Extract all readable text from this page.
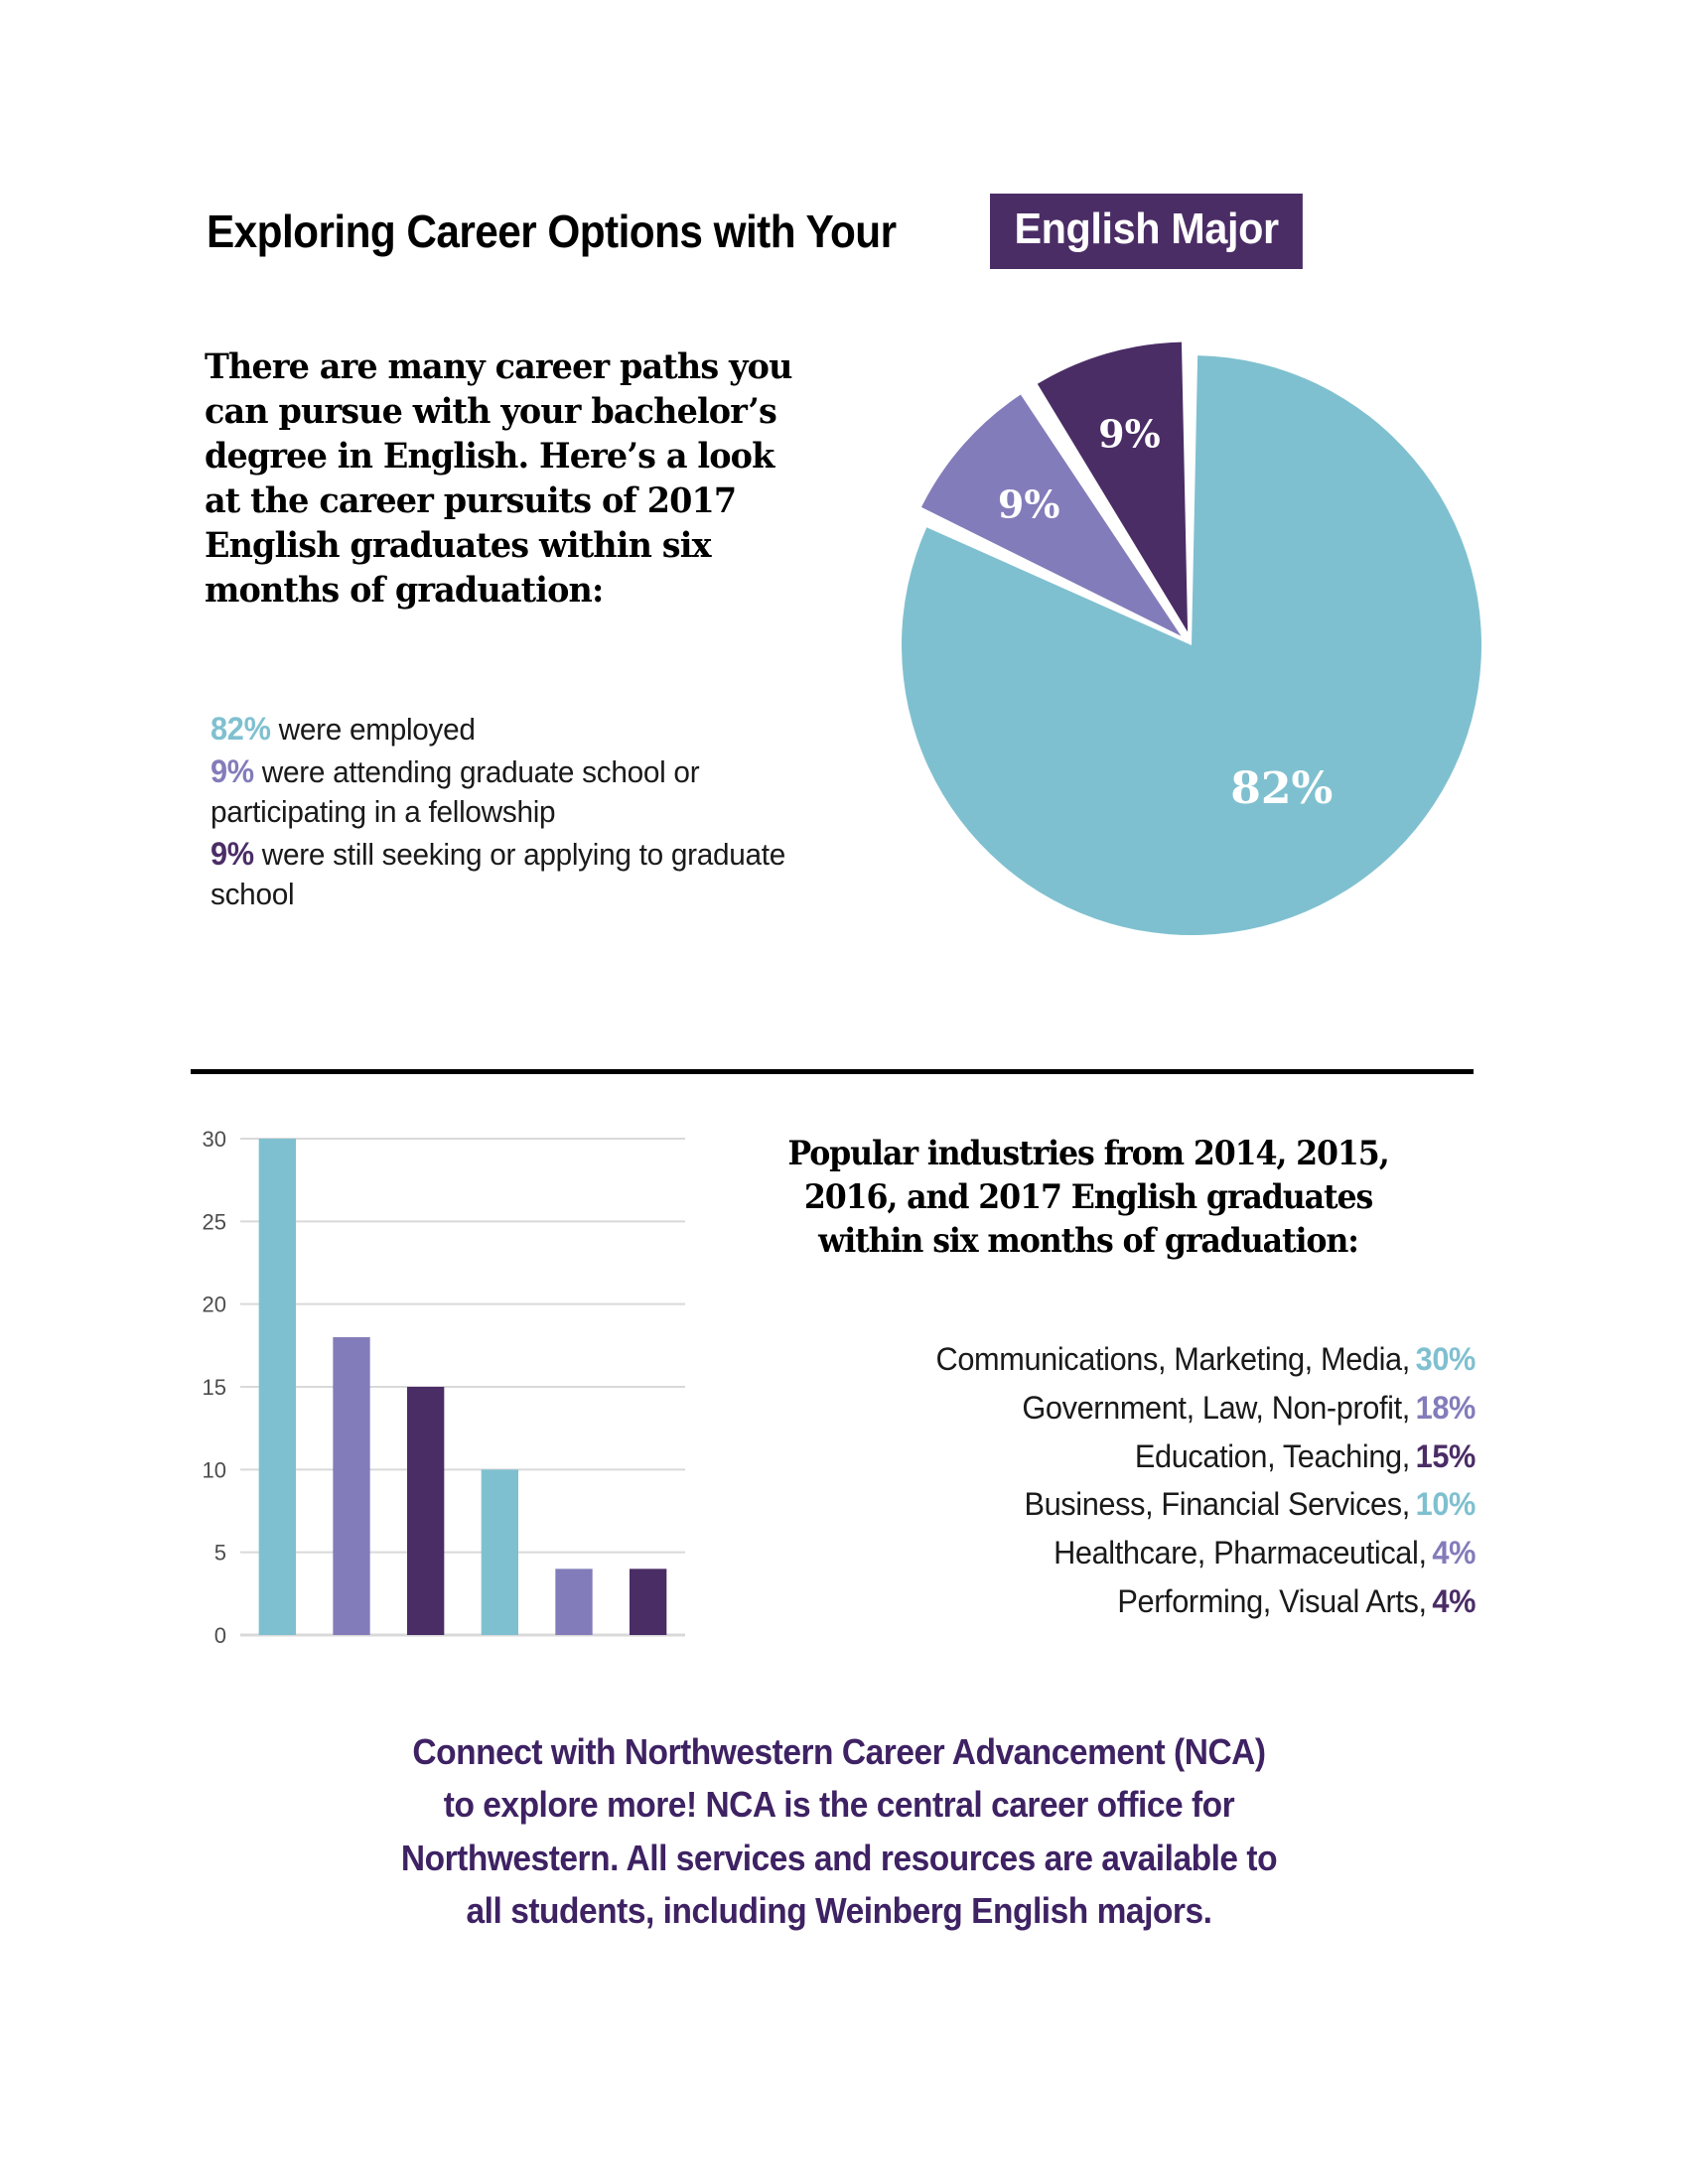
Exploring Career Options with Your	English Major
There are many career paths you can pursue with your bachelor’s degree in English. Here’s a look at the career pursuits of 2017 English graduates within six months of graduation:
82% were employed
9% were attending graduate school or participating in a fellowship
9% were still seeking or applying to graduate school
82%
9%
9%
0
5
10
15
20
25
30	Popular industries from 2014, 2015,
2016, and 2017 English graduates
within six months of graduation:
Communications, Marketing, Media, 30%
Government, Law, Non-profit, 18%
Education, Teaching, 15%
Business, Financial Services, 10%
Healthcare, Pharmaceutical, 4%
Performing, Visual Arts, 4%
Connect with Northwestern Career Advancement (NCA)
to explore more! NCA is the central career office for
Northwestern. All services and resources are available to
all students, including Weinberg English majors.
